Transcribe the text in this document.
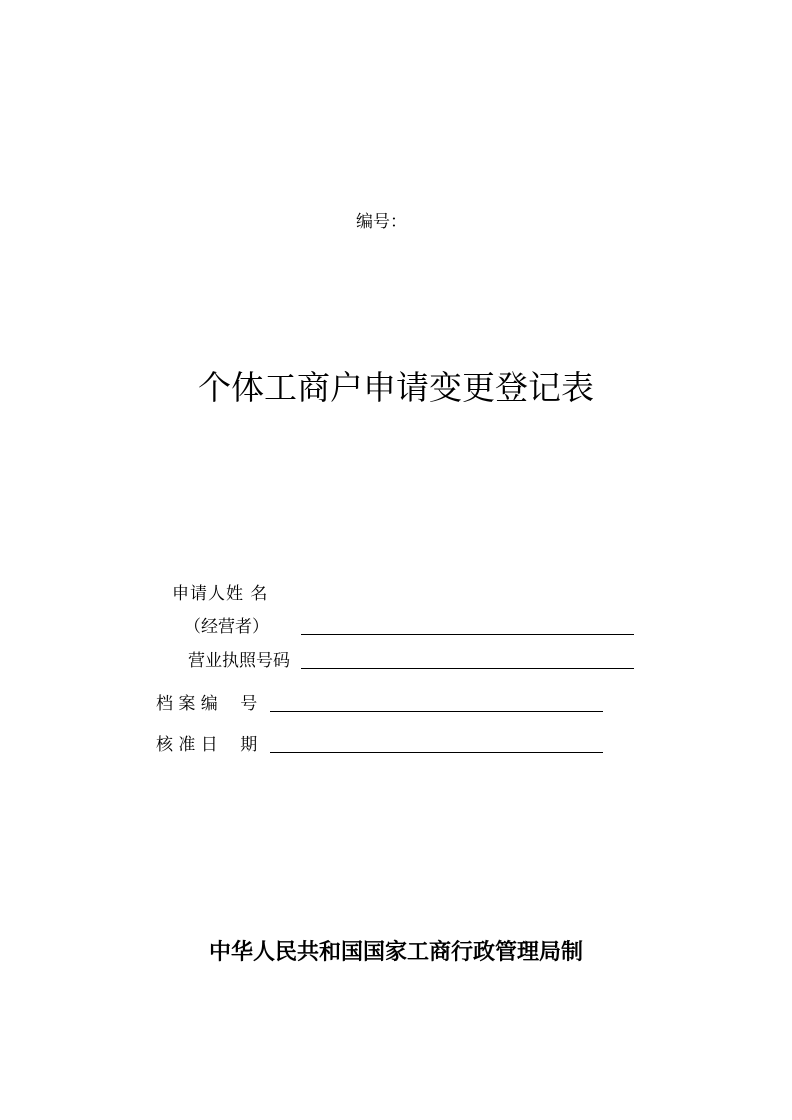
编号：
个体工商户申请变更登记表
申请人姓 名
（经营者）
营业执照号码
档 案 编　 号
核 准 日　 期
中华人民共和国国家工商行政管理局制
